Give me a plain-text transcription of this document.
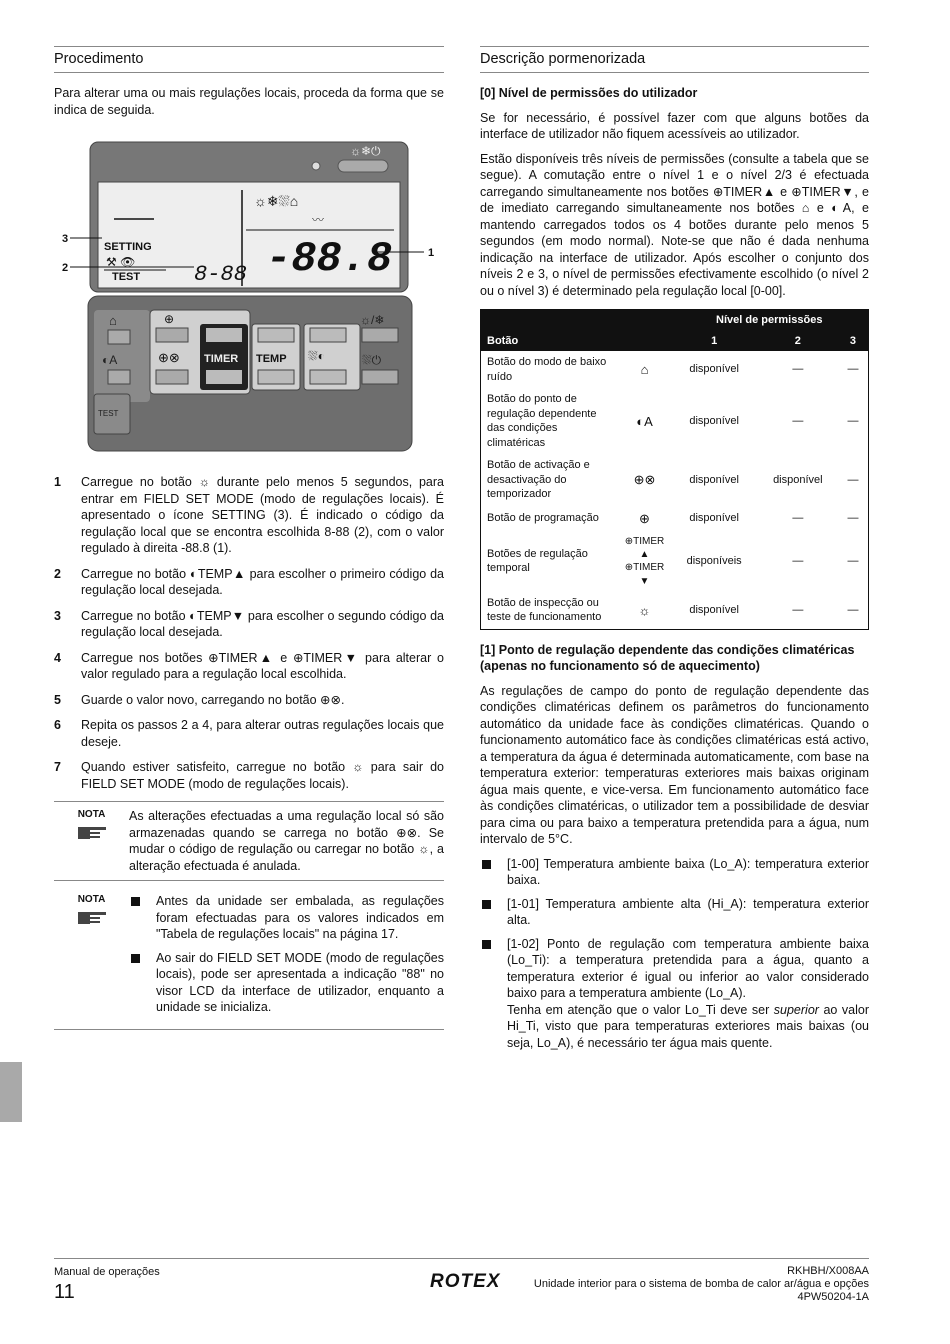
Procedimento

Para alterar uma ou mais regulações locais, proceda da forma que se indica de seguida.

☼❄⏻
☼❄⛆⌂
〰
SETTING
⚒ 👁
TEST 8-88 -88.8
⌂
◐A
TEST
⊕
⊕⊗ TIMER TEMP ⛆◐
☼/❄
⛆⏻
3
2
1
1 Carregue no botão ☼ durante pelo menos 5 segundos, para entrar em FIELD SET MODE (modo de regulações locais). É apresentado o ícone SETTING (3). É indicado o código da regulação local que se encontra escolhida 8-88 (2), com o valor regulado à direita -88.8 (1).
2 Carregue no botão ◐TEMP▲ para escolher o primeiro código da regulação local desejada.
3 Carregue no botão ◐TEMP▼ para escolher o segundo código da regulação local desejada.
4 Carregue nos botões ⊕TIMER▲ e ⊕TIMER▼ para alterar o valor regulado para a regulação local escolhida.
5 Guarde o valor novo, carregando no botão ⊕⊗.
6 Repita os passos 2 a 4, para alterar outras regulações locais que deseje.
7 Quando estiver satisfeito, carregue no botão ☼ para sair do FIELD SET MODE (modo de regulações locais).
NOTA	As alterações efectuadas a uma regulação local só são armazenadas quando se carrega no botão ⊕⊗. Se mudar o código de regulação ou carregar no botão ☼, a alteração efectuada é anulada.
NOTA	Antes da unidade ser embalada, as regulações foram efectuadas para os valores indicados em "Tabela de regulações locais" na página 17.
Ao sair do FIELD SET MODE (modo de regulações locais), pode ser apresentada a indicação "88" no visor LCD da interface de utilizador, enquanto a unidade se inicializa.
Descrição pormenorizada
[0] Nível de permissões do utilizador

Se for necessário, é possível fazer com que alguns botões da interface de utilizador não fiquem acessíveis ao utilizador.

Estão disponíveis três níveis de permissões (consulte a tabela que se segue). A comutação entre o nível 1 e o nível 2/3 é efectuada carregando simultaneamente nos botões ⊕TIMER▲ e ⊕TIMER▼, e de imediato carregando simultaneamente nos botões ⌂ e ◐A, e mantendo carregados todos os 4 botões durante pelo menos 5 segundos (em modo normal). Note-se que não é dada nenhuma indicação na interface de utilizador. Após escolher o conjunto dos níveis 2 e 3, o nível de permissões efectivamente escolhido (o nível 2 ou o nível 3) é determinado pela regulação local [0-00].

		Nível de permissões		
Botão		1	2	3
Botão do modo de baixo ruído	⌂	disponível	—	—
Botão do ponto de regulação dependente das condições climatéricas	◐A	disponível	—	—
Botão de activação e desactivação do temporizador	⊕⊗	disponível	disponível	—
Botão de programação	⊕	disponível	—	—
Botões de regulação temporal	⊕TIMER ▲ ⊕TIMER ▼	disponíveis	—	—
Botão de inspecção ou teste de funcionamento	☼	disponível	—	—
[1] Ponto de regulação dependente das condições climatéricas (apenas no funcionamento só de aquecimento)

As regulações de campo do ponto de regulação dependente das condições climatéricas definem os parâmetros do funcionamento automático da unidade face às condições climatéricas. Quando o funcionamento automático face às condições climatéricas está activo, a temperatura da água é determinada automaticamente, com base na temperatura exterior: temperaturas exteriores mais baixas originam água mais quente, e vice-versa. Em funcionamento automático face às condições climatéricas, o utilizador tem a possibilidade de desviar para cima ou para baixo a temperatura pretendida para a água, num intervalo de 5°C.

[1-00] Temperatura ambiente baixa (Lo_A): temperatura exterior baixa.
[1-01] Temperatura ambiente alta (Hi_A): temperatura exterior alta.
[1-02] Ponto de regulação com temperatura ambiente baixa (Lo_Ti): a temperatura pretendida para a água, quanto a temperatura exterior é igual ou inferior ao valor considerado baixo para a temperatura ambiente (Lo_A).
Tenha em atenção que o valor Lo_Ti deve ser superior ao valor Hi_Ti, visto que para temperaturas exteriores mais baixas (ou seja, Lo_A), é necessário ter água mais quente.
Manual de operações
11	ROTEX	RKHBH/X008AA
Unidade interior para o sistema de bomba de calor ar/água e opções
4PW50204-1A
